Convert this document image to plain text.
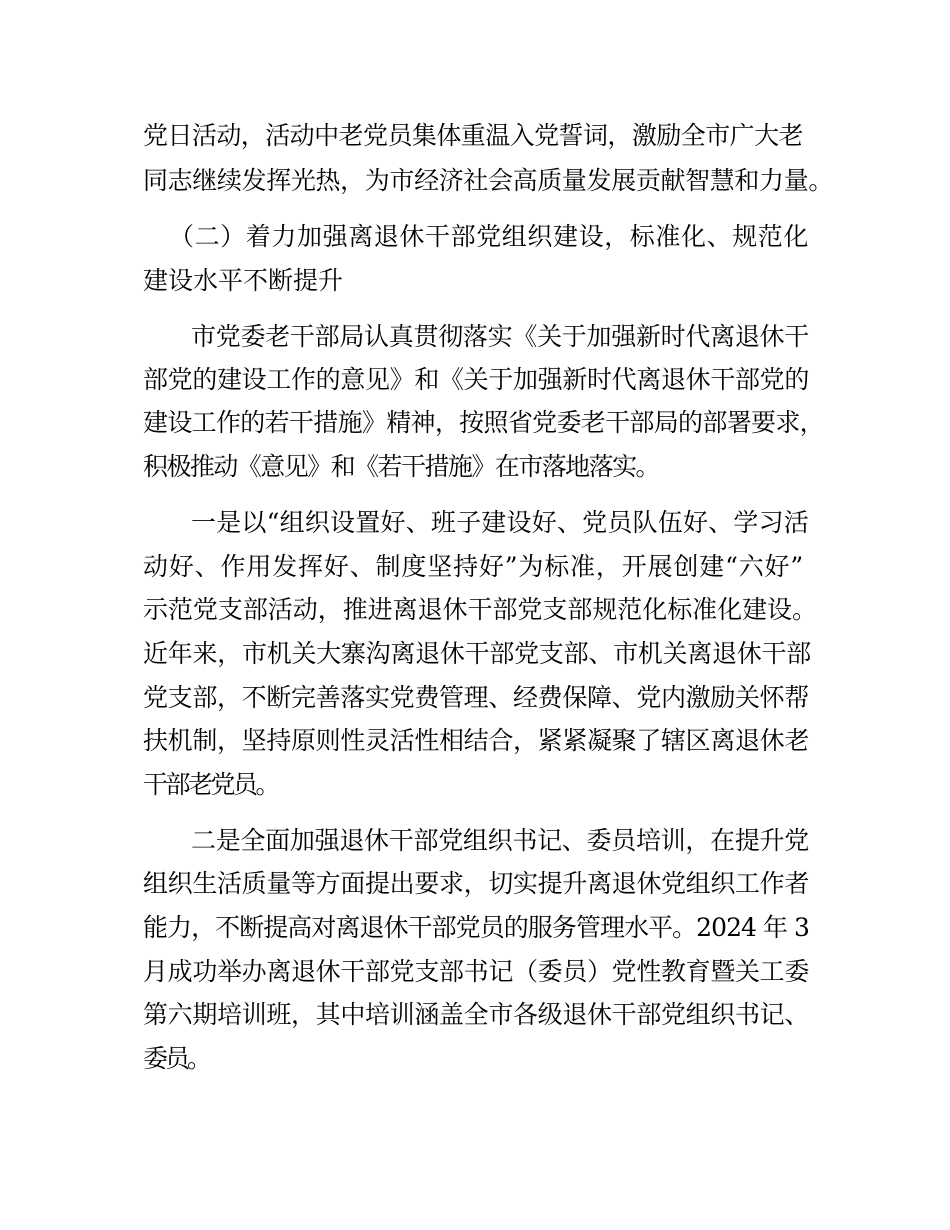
党日活动，活动中老党员集体重温入党誓词，激励全市广大老
同志继续发挥光热，为市经济社会高质量发展贡献智慧和力量。
（二）着力加强离退休干部党组织建设，标准化、规范化
建设水平不断提升
市党委老干部局认真贯彻落实《关于加强新时代离退休干
部党的建设工作的意见》和《关于加强新时代离退休干部党的
建设工作的若干措施》精神，按照省党委老干部局的部署要求，
积极推动《意见》和《若干措施》在市落地落实。
一是以“组织设置好、班子建设好、党员队伍好、学习活
动好、作用发挥好、制度坚持好”为标准，开展创建“六好”
示范党支部活动，推进离退休干部党支部规范化标准化建设。
近年来，市机关大寨沟离退休干部党支部、市机关离退休干部
党支部，不断完善落实党费管理、经费保障、党内激励关怀帮
扶机制，坚持原则性灵活性相结合，紧紧凝聚了辖区离退休老
干部老党员。
二是全面加强退休干部党组织书记、委员培训，在提升党
组织生活质量等方面提出要求，切实提升离退休党组织工作者
能力，不断提高对离退休干部党员的服务管理水平。2024 年 3
月成功举办离退休干部党支部书记（委员）党性教育暨关工委
第六期培训班，其中培训涵盖全市各级退休干部党组织书记、
委员。
